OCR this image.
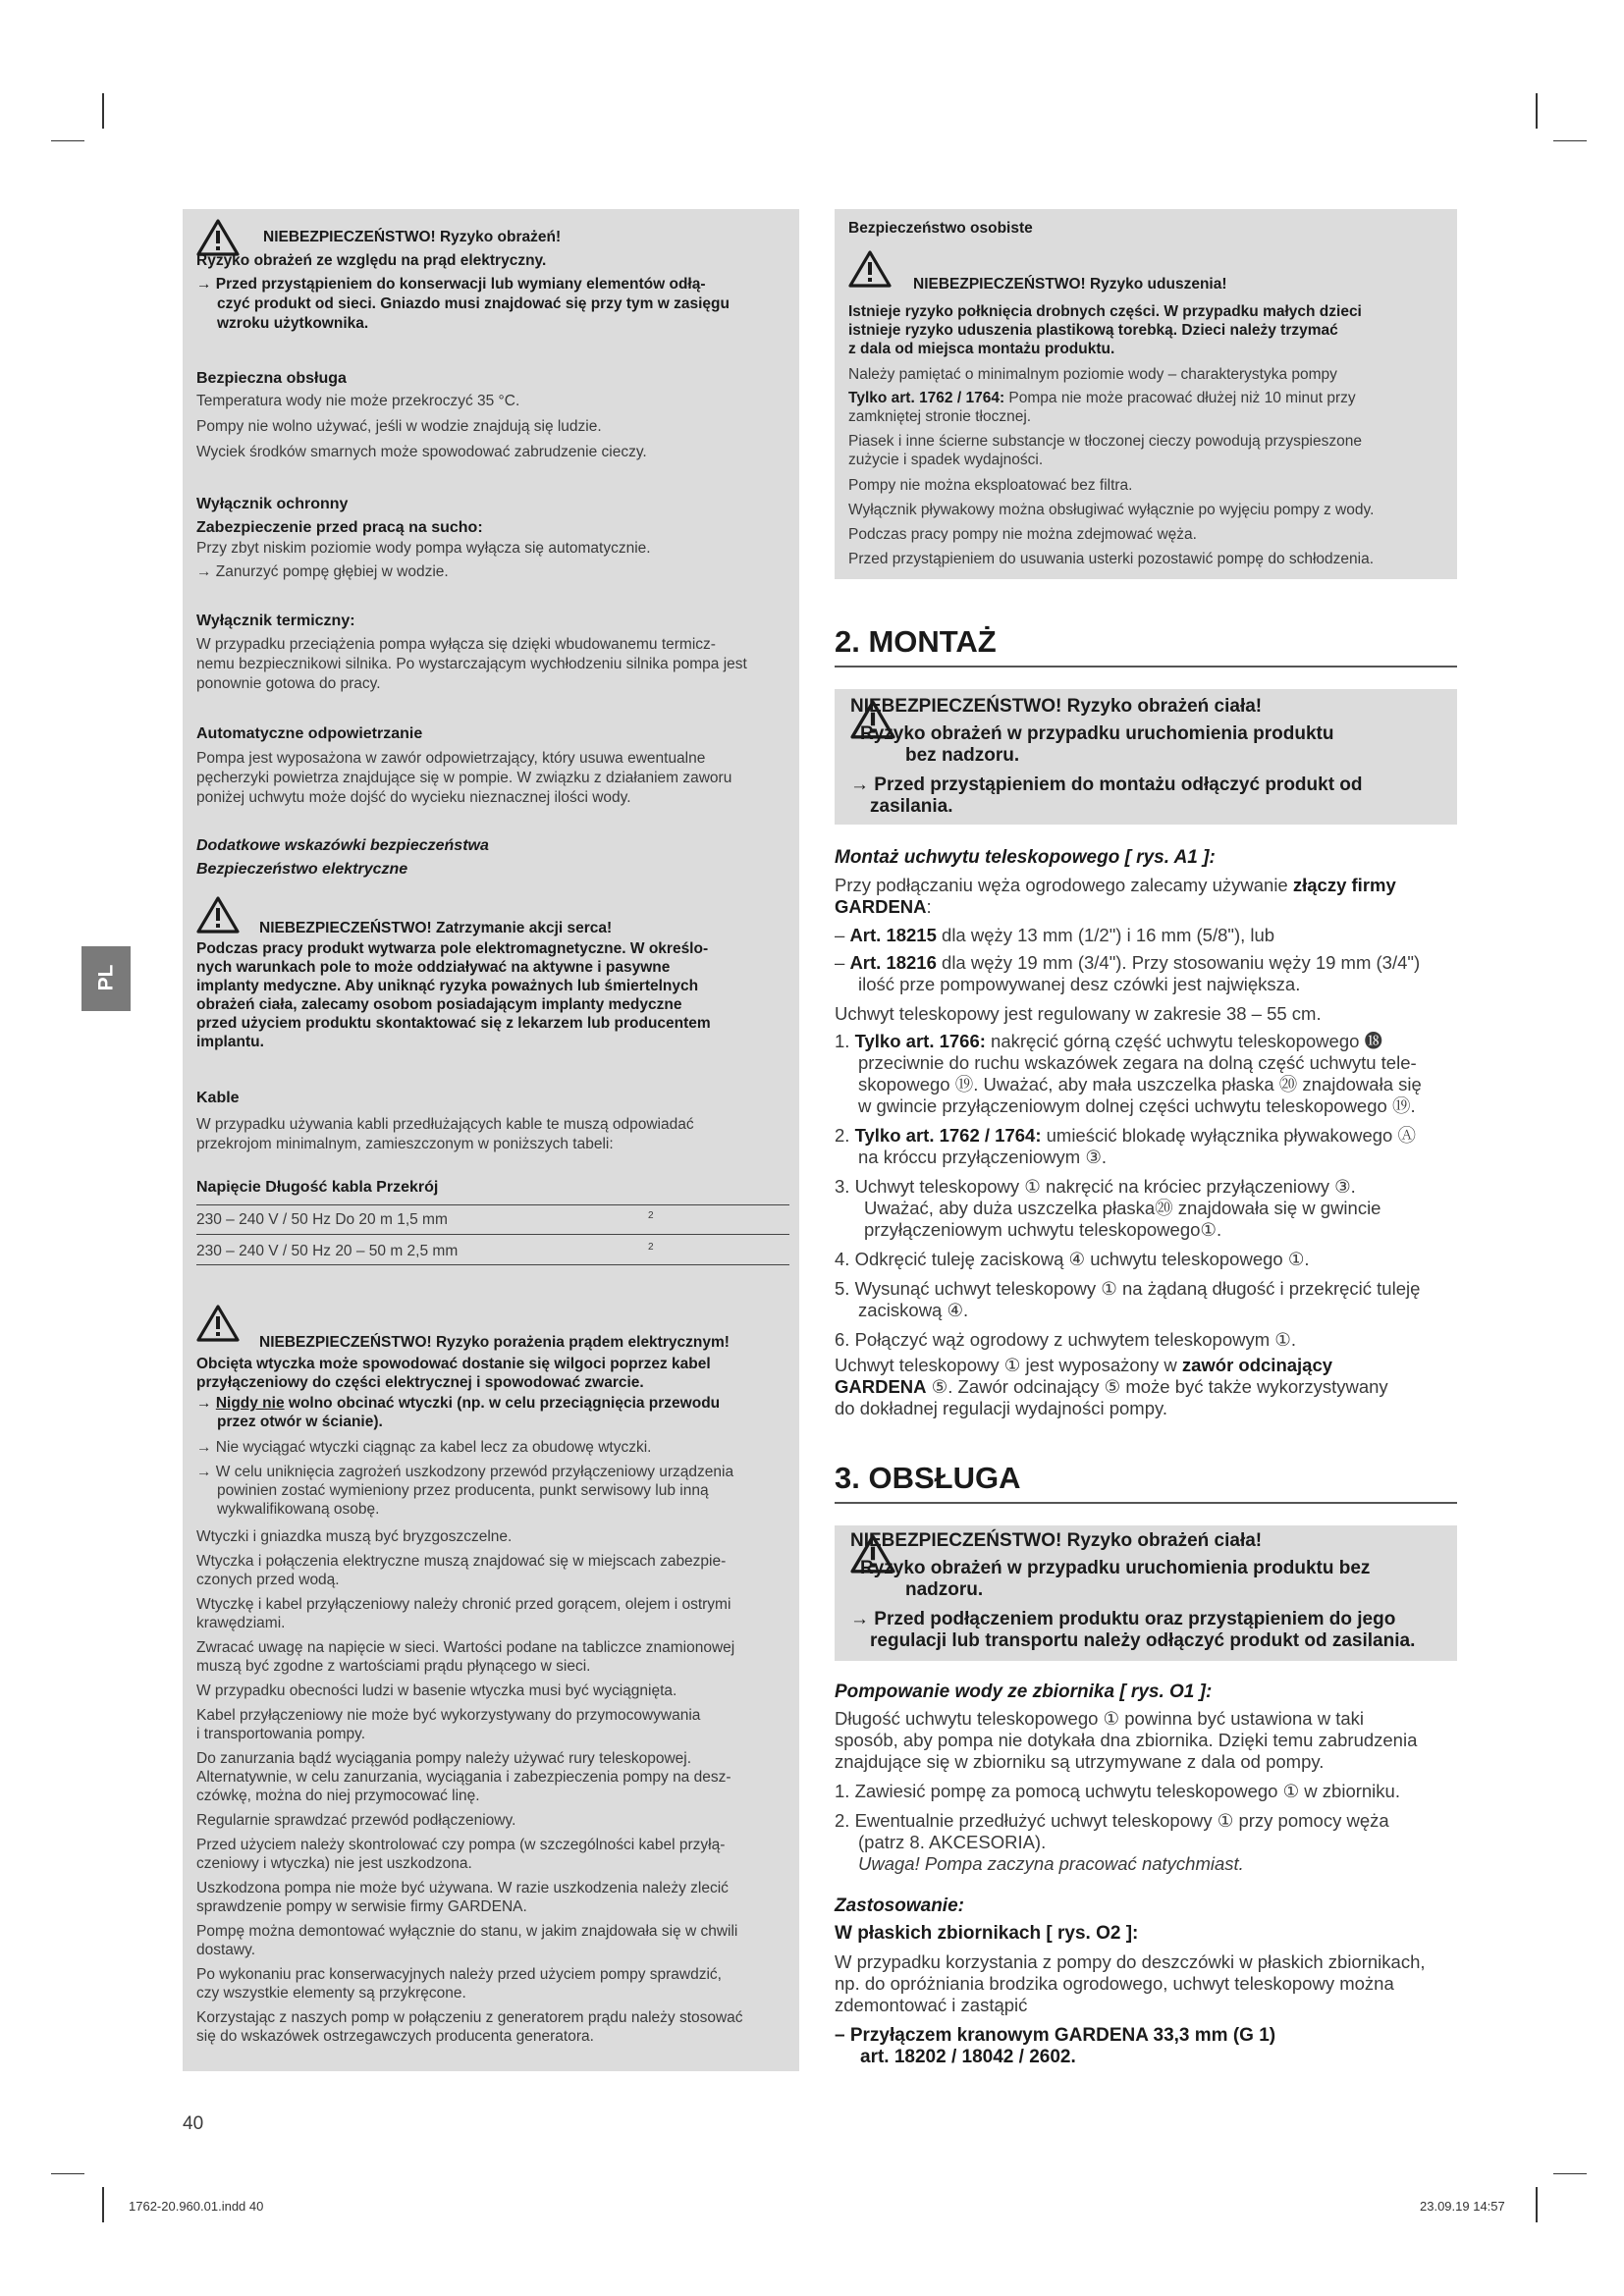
PL
NIEBEZPIECZEŃSTWO! Ryzyko obrażeń!
Ryzyko obrażeń ze względu na prąd elektryczny.
→ Przed przystąpieniem do konserwacji lub wymiany elementów odłą-
czyć produkt od sieci. Gniazdo musi znajdować się przy tym w zasięgu
wzroku użytkownika.
Bezpieczna obsługa
Temperatura wody nie może przekroczyć 35 °C.
Pompy nie wolno używać, jeśli w wodzie znajdują się ludzie.
Wyciek środków smarnych może spowodować zabrudzenie cieczy.
Wyłącznik ochronny
Zabezpieczenie przed pracą na sucho:
Przy zbyt niskim poziomie wody pompa wyłącza się automatycznie.
→ Zanurzyć pompę głębiej w wodzie.
Wyłącznik termiczny:
W przypadku przeciążenia pompa wyłącza się dzięki wbudowanemu termicz-
nemu bezpiecznikowi silnika. Po wystarczającym wychłodzeniu silnika pompa jest
ponownie gotowa do pracy.
Automatyczne odpowietrzanie
Pompa jest wyposażona w zawór odpowietrzający, który usuwa ewentualne
pęcherzyki powietrza znajdujące się w pompie. W związku z działaniem zaworu
poniżej uchwytu może dojść do wycieku nieznacznej ilości wody.
Dodatkowe wskazówki bezpieczeństwa
Bezpieczeństwo elektryczne
NIEBEZPIECZEŃSTWO! Zatrzymanie akcji serca!
Podczas pracy produkt wytwarza pole elektromagnetyczne. W określo-
nych warunkach pole to może oddziaływać na aktywne i pasywne
implanty medyczne. Aby uniknąć ryzyka poważnych lub śmiertelnych
obrażeń ciała, zalecamy osobom posiadającym implanty medyczne
przed użyciem produktu skontaktować się z lekarzem lub producentem
implantu.
Kable
W przypadku używania kabli przedłużających kable te muszą odpowiadać
przekrojom minimalnym, zamieszczonym w poniższych tabeli:
Napięcie Długość kabla Przekrój
230 – 240 V / 50 Hz Do 20 m 1,5 mm	2
230 – 240 V / 50 Hz 20 – 50 m 2,5 mm	2
NIEBEZPIECZEŃSTWO! Ryzyko porażenia prądem elektrycznym!
Obcięta wtyczka może spowodować dostanie się wilgoci poprzez kabel
przyłączeniowy do części elektrycznej i spowodować zwarcie.
→ Nigdy nie wolno obcinać wtyczki (np. w celu przeciągnięcia przewodu
przez otwór w ścianie).
→ Nie wyciągać wtyczki ciągnąc za kabel lecz za obudowę wtyczki.
→ W celu uniknięcia zagrożeń uszkodzony przewód przyłączeniowy urządzenia
powinien zostać wymieniony przez producenta, punkt serwisowy lub inną
wykwalifikowaną osobę.
Wtyczki i gniazdka muszą być bryzgoszczelne.
Wtyczka i połączenia elektryczne muszą znajdować się w miejscach zabezpie-
czonych przed wodą.
Wtyczkę i kabel przyłączeniowy należy chronić przed gorącem, olejem i ostrymi
krawędziami.
Zwracać uwagę na napięcie w sieci. Wartości podane na tabliczce znamionowej
muszą być zgodne z wartościami prądu płynącego w sieci.
W przypadku obecności ludzi w basenie wtyczka musi być wyciągnięta.
Kabel przyłączeniowy nie może być wykorzystywany do przymocowywania
i transportowania pompy.
Do zanurzania bądź wyciągania pompy należy używać rury teleskopowej.
Alternatywnie, w celu zanurzania, wyciągania i zabezpieczenia pompy na desz-
czówkę, można do niej przymocować linę.
Regularnie sprawdzać przewód podłączeniowy.
Przed użyciem należy skontrolować czy pompa (w szczególności kabel przyłą-
czeniowy i wtyczka) nie jest uszkodzona.
Uszkodzona pompa nie może być używana. W razie uszkodzenia należy zlecić
sprawdzenie pompy w serwisie firmy GARDENA.
Pompę można demontować wyłącznie do stanu, w jakim znajdowała się w chwili
dostawy.
Po wykonaniu prac konserwacyjnych należy przed użyciem pompy sprawdzić,
czy wszystkie elementy są przykręcone.
Korzystając z naszych pomp w połączeniu z generatorem prądu należy stosować
się do wskazówek ostrzegawczych producenta generatora.
Bezpieczeństwo osobiste
NIEBEZPIECZEŃSTWO! Ryzyko uduszenia!
Istnieje ryzyko połknięcia drobnych części. W przypadku małych dzieci
istnieje ryzyko uduszenia plastikową torebką. Dzieci należy trzymać
z dala od miejsca montażu produktu.
Należy pamiętać o minimalnym poziomie wody – charakterystyka pompy
Tylko art. 1762 / 1764: Pompa nie może pracować dłużej niż 10 minut przy
zamkniętej stronie tłocznej.
Piasek i inne ścierne substancje w tłoczonej cieczy powodują przyspieszone
zużycie i spadek wydajności.
Pompy nie można eksploatować bez filtra.
Wyłącznik pływakowy można obsługiwać wyłącznie po wyjęciu pompy z wody.
Podczas pracy pompy nie można zdejmować węża.
Przed przystąpieniem do usuwania usterki pozostawić pompę do schłodzenia.
2. MONTAŻ
NIEBEZPIECZEŃSTWO! Ryzyko obrażeń ciała!
Ryzyko obrażeń w przypadku uruchomienia produktu
bez nadzoru.
→ Przed przystąpieniem do montażu odłączyć produkt od
zasilania.
Montaż uchwytu teleskopowego [ rys. A1 ]:
Przy podłączaniu węża ogrodowego zalecamy używanie złączy firmy
GARDENA:
– Art. 18215 dla węży 13 mm (1/2") i 16 mm (5/8"), lub
– Art. 18216 dla węży 19 mm (3/4"). Przy stosowaniu węży 19 mm (3/4")
ilość prze pompowywanej desz czówki jest największa.
Uchwyt teleskopowy jest regulowany w zakresie 38 – 55 cm.
1. Tylko art. 1766: nakręcić górną część uchwytu teleskopowego ⓲
przeciwnie do ruchu wskazówek zegara na dolną część uchwytu tele-
skopowego ⑲. Uważać, aby mała uszczelka płaska ⑳ znajdowała się
w gwincie przyłączeniowym dolnej części uchwytu teleskopowego ⑲.
2. Tylko art. 1762 / 1764: umieścić blokadę wyłącznika pływakowego Ⓐ
na króccu przyłączeniowym ③.
3. Uchwyt teleskopowy ① nakręcić na króciec przyłączeniowy ③.
Uważać, aby duża uszczelka płaska⑳ znajdowała się w gwincie
przyłączeniowym uchwytu teleskopowego①.
4. Odkręcić tuleję zaciskową ④ uchwytu teleskopowego ①.
5. Wysunąć uchwyt teleskopowy ① na żądaną długość i przekręcić tuleję
zaciskową ④.
6. Połączyć wąż ogrodowy z uchwytem teleskopowym ①.
Uchwyt teleskopowy ① jest wyposażony w zawór odcinający
GARDENA ⑤. Zawór odcinający ⑤ może być także wykorzystywany
do dokładnej regulacji wydajności pompy.
3. OBSŁUGA
NIEBEZPIECZEŃSTWO! Ryzyko obrażeń ciała!
Ryzyko obrażeń w przypadku uruchomienia produktu bez
nadzoru.
→ Przed podłączeniem produktu oraz przystąpieniem do jego
regulacji lub transportu należy odłączyć produkt od zasilania.
Pompowanie wody ze zbiornika [ rys. O1 ]:
Długość uchwytu teleskopowego ① powinna być ustawiona w taki
sposób, aby pompa nie dotykała dna zbiornika. Dzięki temu zabrudzenia
znajdujące się w zbiorniku są utrzymywane z dala od pompy.
1. Zawiesić pompę za pomocą uchwytu teleskopowego ① w zbiorniku.
2. Ewentualnie przedłużyć uchwyt teleskopowy ① przy pomocy węża
(patrz 8. AKCESORIA).
Uwaga! Pompa zaczyna pracować natychmiast.
Zastosowanie:
W płaskich zbiornikach [ rys. O2 ]:
W przypadku korzystania z pompy do deszczówki w płaskich zbiornikach,
np. do opróżniania brodzika ogrodowego, uchwyt teleskopowy można
zdemontować i zastąpić
– Przyłączem kranowym GARDENA 33,3 mm (G 1)
art. 18202 / 18042 / 2602.
40
1762-20.960.01.indd 40	23.09.19 14:57
